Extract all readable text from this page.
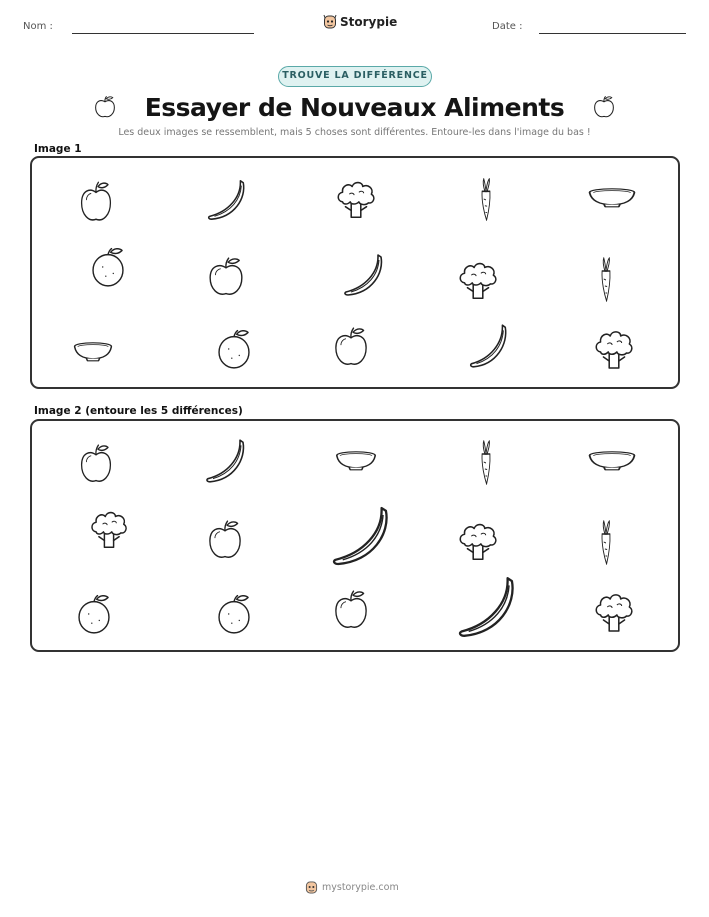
Nom :	Storypie	Date :
TROUVE LA DIFFÉRENCE
Essayer de Nouveaux Aliments
Les deux images se ressemblent, mais 5 choses sont différentes. Entoure-les dans l'image du bas !
Image 1
Image 2 (entoure les 5 différences)
mystorypie.com
